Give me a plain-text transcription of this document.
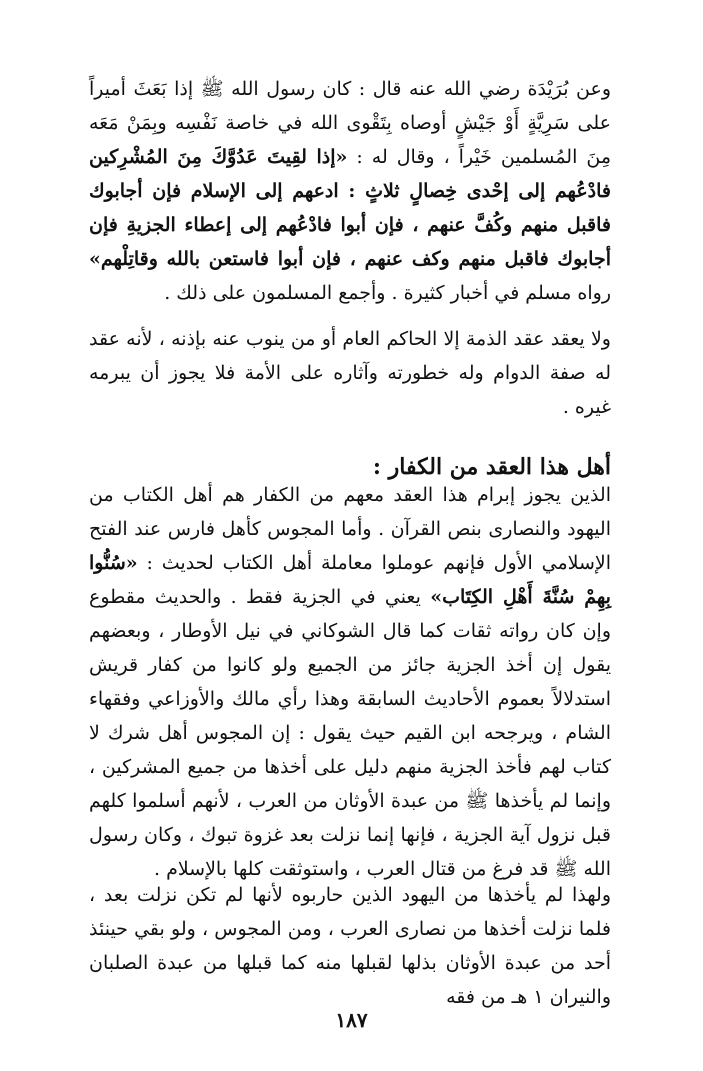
وعن بُرَيْدَة رضي الله عنه قال : كان رسول الله ﷺ إذا بَعَثَ أميراً على سَرِيَّةٍ أَوْ جَيْشٍ أوصاه بِتَقْوى الله في خاصة نَفْسِه وبِمَنْ مَعَه مِنَ المُسلمين خَيْراً ، وقال له : «إذا لقِيتَ عَدُوَّكَ مِنَ المُشْرِكين فادْعُهم إلى إحْدى خِصالٍ ثلاثٍ : ادعهم إلى الإسلام فإن أجابوك فاقبل منهم وكُفَّ عنهم ، فإن أبوا فادْعُهم إلى إعطاء الجزيةِ فإن أجابوك فاقبل منهم وكف عنهم ، فإن أبوا فاستعن بالله وقاتِلْهم» رواه مسلم في أخبار كثيرة . وأجمع المسلمون على ذلك .

ولا يعقد عقد الذمة إلا الحاكم العام أو من ينوب عنه بإذنه ، لأنه عقد له صفة الدوام وله خطورته وآثاره على الأمة فلا يجوز أن يبرمه غيره .

أهل هذا العقد من الكفار :

الذين يجوز إبرام هذا العقد معهم من الكفار هم أهل الكتاب من اليهود والنصارى بنص القرآن . وأما المجوس كأهل فارس عند الفتح الإسلامي الأول فإنهم عوملوا معاملة أهل الكتاب لحديث : «سُنُّوا بِهِمْ سُنَّةَ أَهْلِ الكِتَاب» يعني في الجزية فقط . والحديث مقطوع وإن كان رواته ثقات كما قال الشوكاني في نيل الأوطار ، وبعضهم يقول إن أخذ الجزية جائز من الجميع ولو كانوا من كفار قريش استدلالاً بعموم الأحاديث السابقة وهذا رأي مالك والأوزاعي وفقهاء الشام ، ويرجحه ابن القيم حيث يقول : إن المجوس أهل شرك لا كتاب لهم فأخذ الجزية منهم دليل على أخذها من جميع المشركين ، وإنما لم يأخذها ﷺ من عبدة الأوثان من العرب ، لأنهم أسلموا كلهم قبل نزول آية الجزية ، فإنها إنما نزلت بعد غزوة تبوك ، وكان رسول الله ﷺ قد فرغ من قتال العرب ، واستوثقت كلها بالإسلام .

ولهذا لم يأخذها من اليهود الذين حاربوه لأنها لم تكن نزلت بعد ، فلما نزلت أخذها من نصارى العرب ، ومن المجوس ، ولو بقي حينئذ أحد من عبدة الأوثان بذلها لقبلها منه كما قبلها من عبدة الصلبان والنيران ١ هـ من فقه

١٨٧
